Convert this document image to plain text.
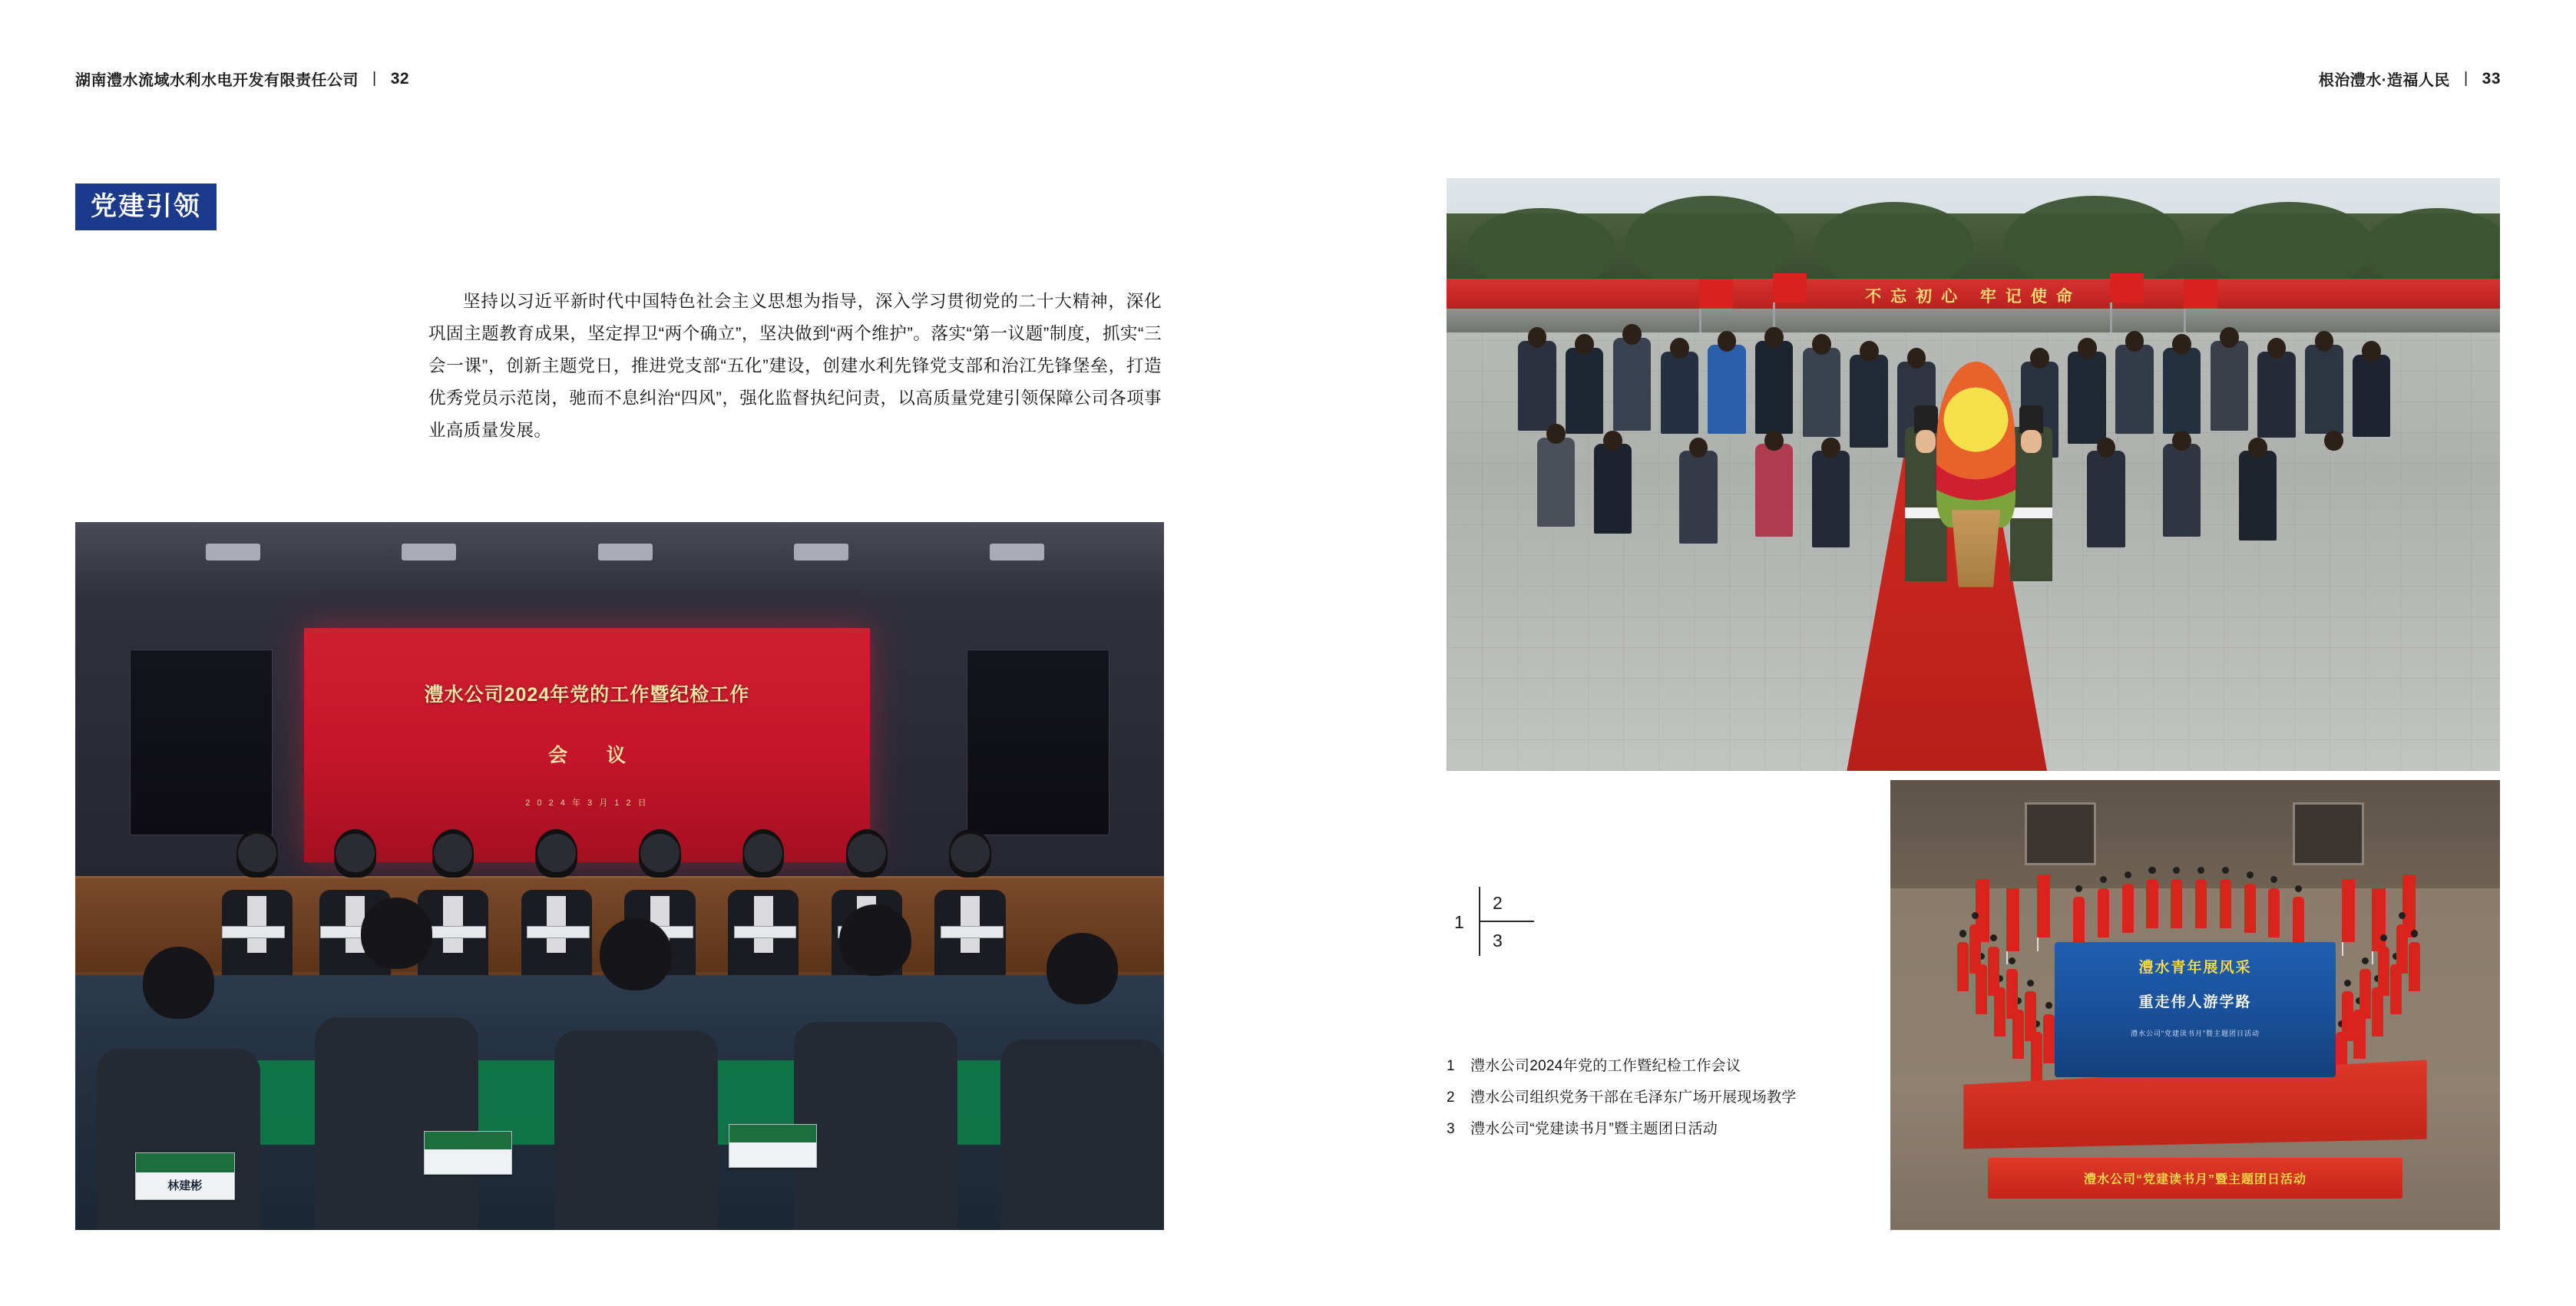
湖南澧水流域水利水电开发有限责任公司 | 32	根治澧水·造福人民 | 33
党建引领
坚持以习近平新时代中国特色社会主义思想为指导，深入学习贯彻党的二十大精神，深化巩固主题教育成果，坚定捍卫“两个确立”，坚决做到“两个维护”。落实“第一议题”制度，抓实“三会一课”，创新主题党日，推进党支部“五化”建设，创建水利先锋党支部和治江先锋堡垒，打造优秀党员示范岗，驰而不息纠治“四风”，强化监督执纪问责，以高质量党建引领保障公司各项事业高质量发展。
澧水公司2024年党的工作暨纪检工作
会 议
2 0 2 4 年 3 月 1 2 日
林建彬
不忘初心 牢记使命
澧水青年展风采
重走伟人游学路
澧水公司“党建读书月”暨主题团日活动
澧水公司“党建读书月”暨主题团日活动
1
2
3
1 澧水公司2024年党的工作暨纪检工作会议
2 澧水公司组织党务干部在毛泽东广场开展现场教学
3 澧水公司“党建读书月”暨主题团日活动
